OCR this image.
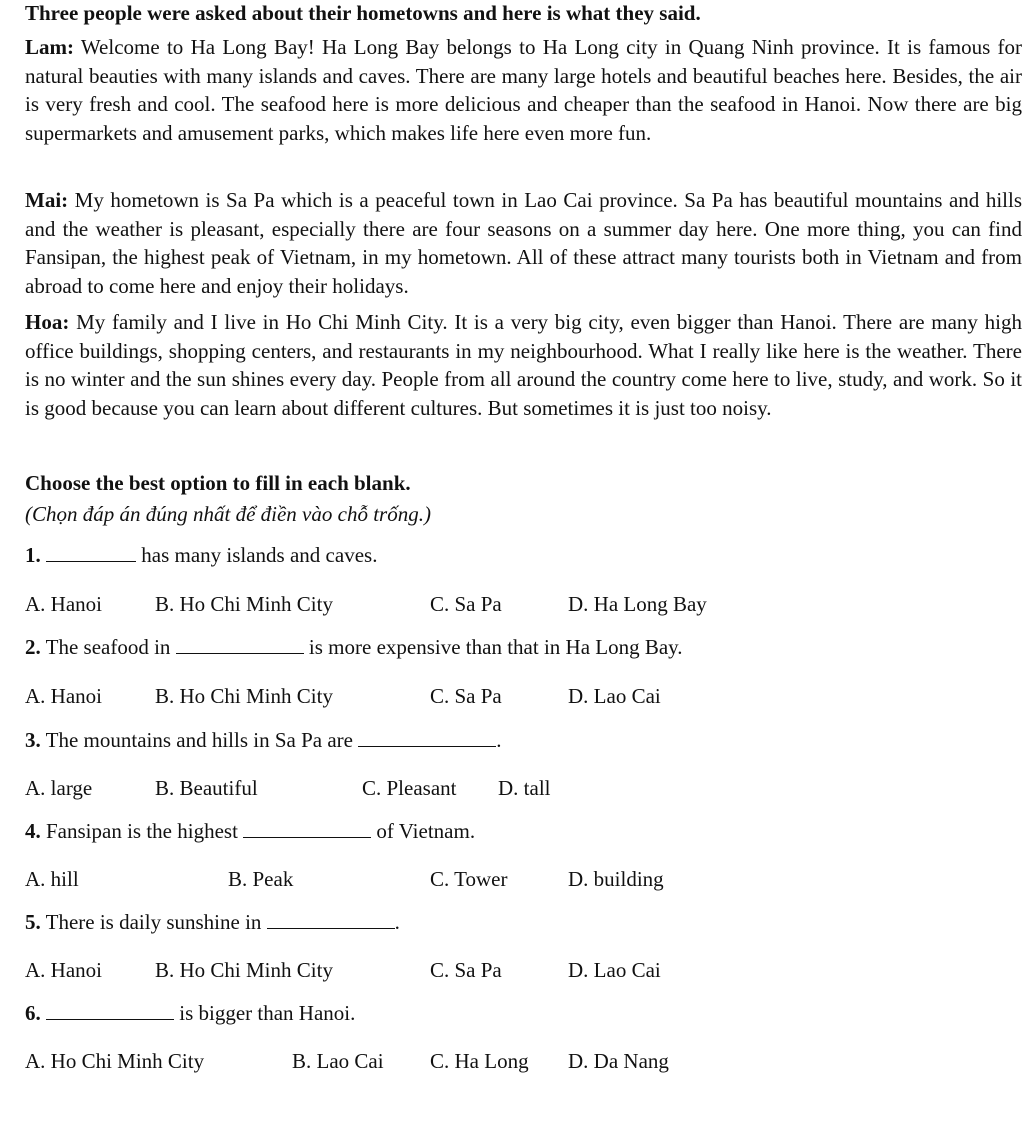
Three people were asked about their hometowns and here is what they said.
Lam: Welcome to Ha Long Bay! Ha Long Bay belongs to Ha Long city in Quang Ninh province. It is famous for natural beauties with many islands and caves. There are many large hotels and beautiful beaches here. Besides, the air is very fresh and cool. The seafood here is more delicious and cheaper than the seafood in Hanoi. Now there are big supermarkets and amusement parks, which makes life here even more fun.
Mai: My hometown is Sa Pa which is a peaceful town in Lao Cai province. Sa Pa has beautiful mountains and hills and the weather is pleasant, especially there are four seasons on a summer day here. One more thing, you can find Fansipan, the highest peak of Vietnam, in my hometown. All of these attract many tourists both in Vietnam and from abroad to come here and enjoy their holidays.
Hoa: My family and I live in Ho Chi Minh City. It is a very big city, even bigger than Hanoi. There are many high office buildings, shopping centers, and restaurants in my neighbourhood. What I really like here is the weather. There is no winter and the sun shines every day. People from all around the country come here to live, study, and work. So it is good because you can learn about different cultures. But sometimes it is just too noisy.
Choose the best option to fill in each blank.
(Chọn đáp án đúng nhất để điền vào chỗ trống.)
1.	has many islands and caves.
A. Hanoi	B. Ho Chi Minh City	C. Sa Pa	D. Ha Long Bay
2. The seafood in	is more expensive than that in Ha Long Bay.
A. Hanoi	B. Ho Chi Minh City	C. Sa Pa	D. Lao Cai
3. The mountains and hills in Sa Pa are	.
A. large	B. Beautiful	C. Pleasant D. tall
4. Fansipan is the highest	of Vietnam.
A. hill	B. Peak	C. Tower	D. building
5. There is daily sunshine in	.
A. Hanoi	B. Ho Chi Minh City	C. Sa Pa	D. Lao Cai
6.	is bigger than Hanoi.
A. Ho Chi Minh City	B. Lao Cai C. Ha Long D. Da Nang
